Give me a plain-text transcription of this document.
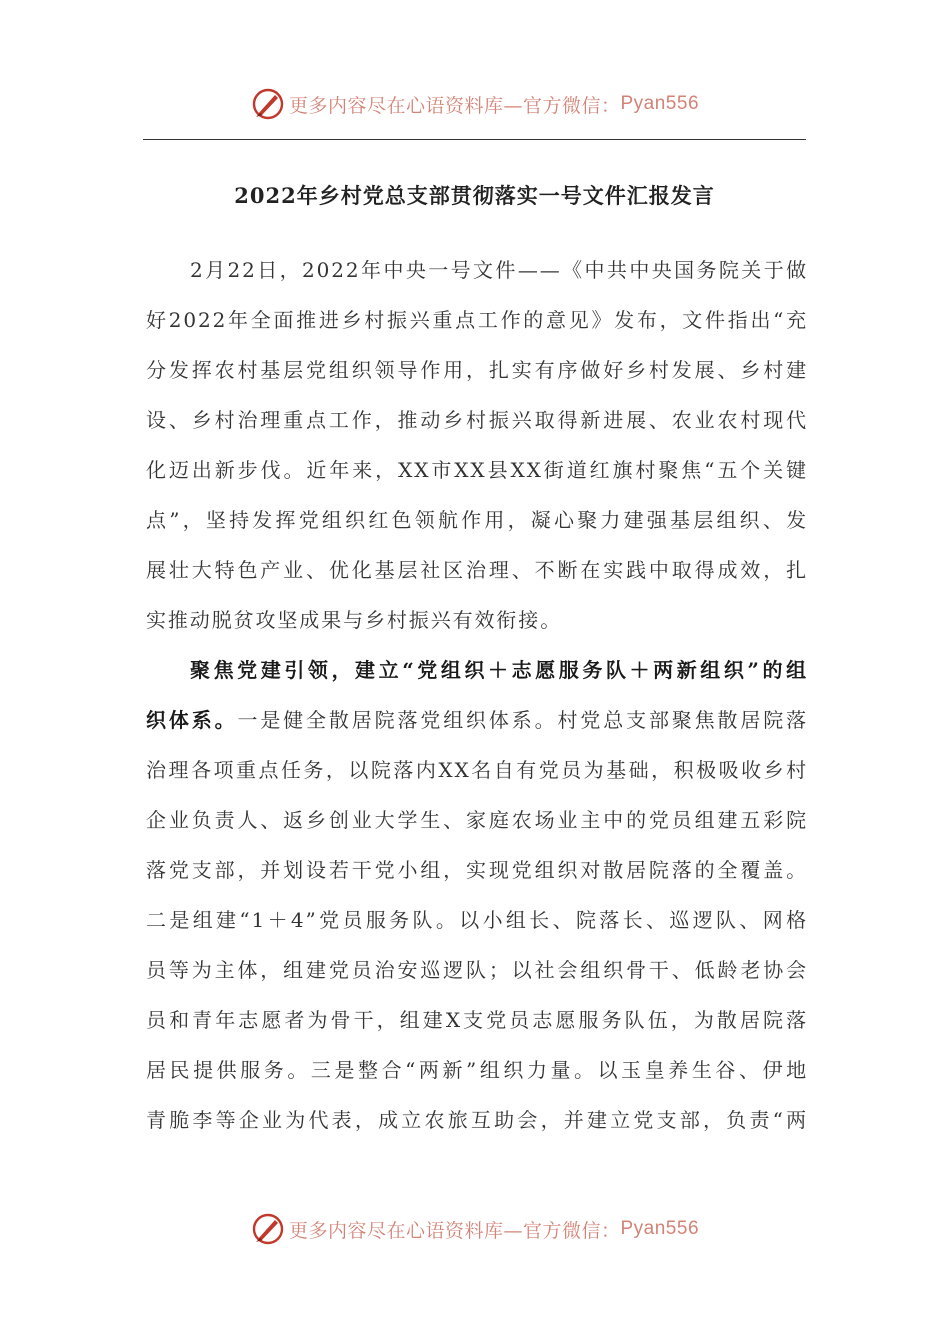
更多内容尽在心语资料库—官方微信： Pyan556
2022年乡村党总支部贯彻落实一号文件汇报发言
2月22日，2022年中央一号文件——《中共中央国务院关于做
好2022年全面推进乡村振兴重点工作的意见》发布，文件指出“充
分发挥农村基层党组织领导作用，扎实有序做好乡村发展、乡村建
设、乡村治理重点工作，推动乡村振兴取得新进展、农业农村现代
化迈出新步伐。近年来，XX市XX县XX街道红旗村聚焦“五个关键
点”，坚持发挥党组织红色领航作用，凝心聚力建强基层组织、发
展壮大特色产业、优化基层社区治理、不断在实践中取得成效，扎
实推动脱贫攻坚成果与乡村振兴有效衔接。
聚焦党建引领，建立“党组织＋志愿服务队＋两新组织”的组
织体系。一是健全散居院落党组织体系。村党总支部聚焦散居院落
治理各项重点任务，以院落内XX名自有党员为基础，积极吸收乡村
企业负责人、返乡创业大学生、家庭农场业主中的党员组建五彩院
落党支部，并划设若干党小组，实现党组织对散居院落的全覆盖。
二是组建“1＋4”党员服务队。以小组长、院落长、巡逻队、网格
员等为主体，组建党员治安巡逻队；以社会组织骨干、低龄老协会
员和青年志愿者为骨干，组建X支党员志愿服务队伍，为散居院落
居民提供服务。三是整合“两新”组织力量。以玉皇养生谷、伊地
青脆李等企业为代表，成立农旅互助会，并建立党支部，负责“两
更多内容尽在心语资料库—官方微信： Pyan556
